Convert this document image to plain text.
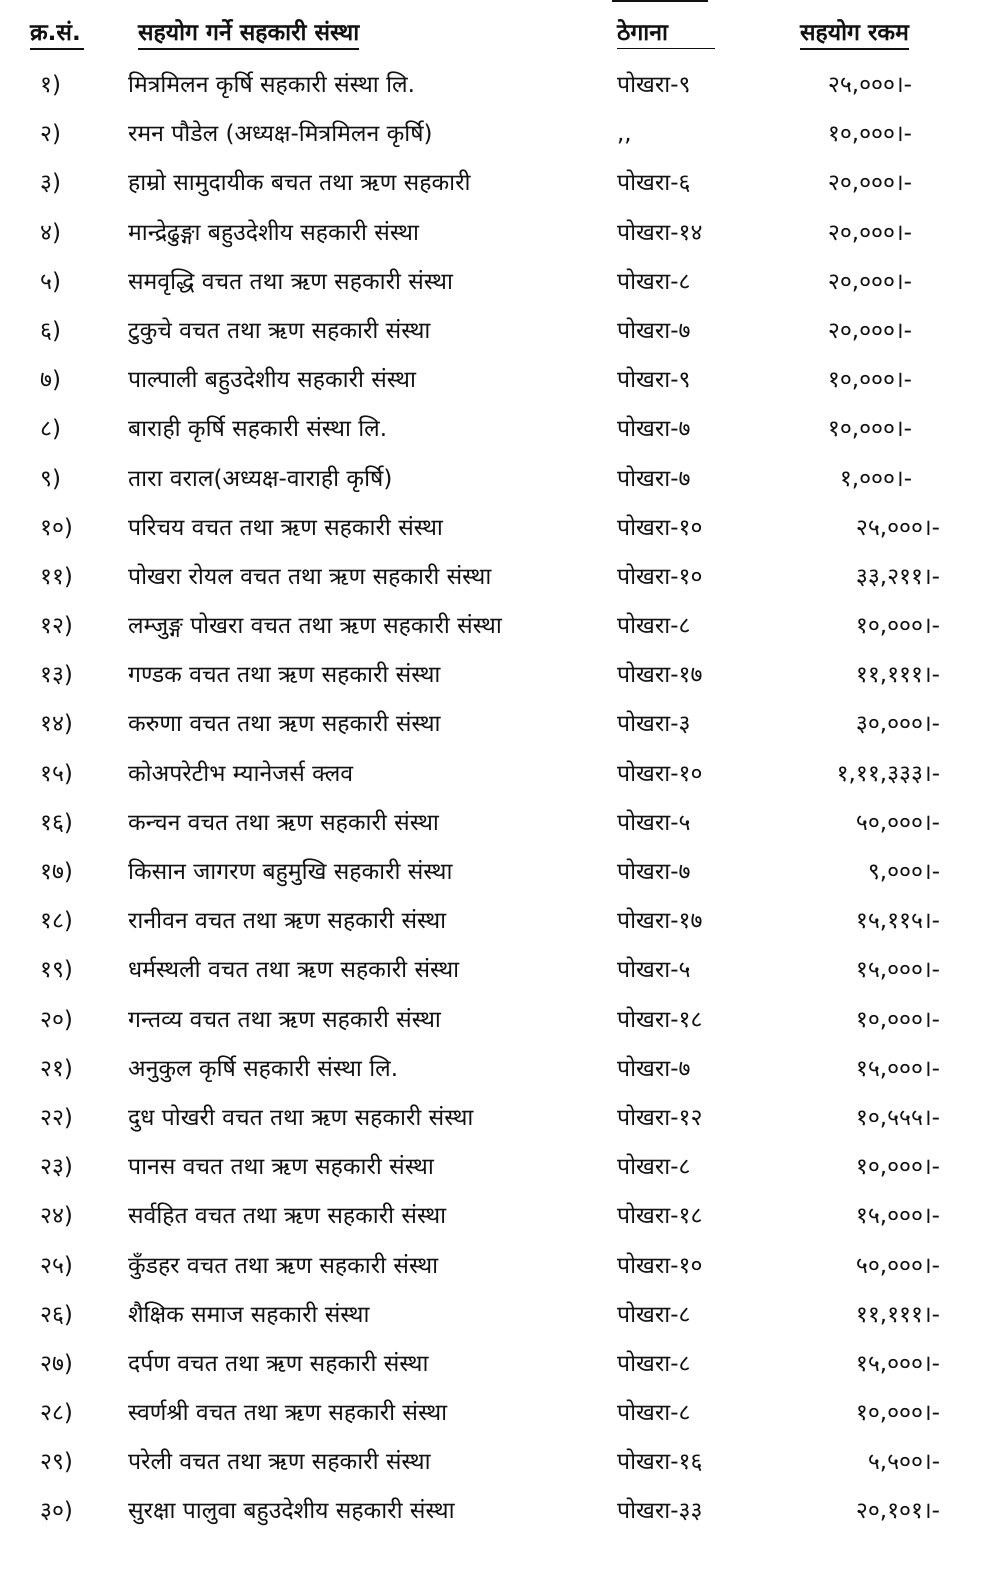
क्र.सं. सहयोग गर्ने सहकारी संस्था	ठेगाना	सहयोग रकम
१)	मित्रमिलन कृर्षि सहकारी संस्था लि.	पोखरा-९	२५,०००।-
२)	रमन पौडेल (अध्यक्ष-मित्रमिलन कृर्षि)	,,	१०,०००।-
३)	हाम्रो सामुदायीक बचत तथा ऋण सहकारी	पोखरा-६	२०,०००।-
४)	मान्द्रेढुङ्गा बहुउदेशीय सहकारी संस्था	पोखरा-१४	२०,०००।-
५)	समवृद्धि वचत तथा ऋण सहकारी संस्था	पोखरा-८	२०,०००।-
६)	टुकुचे वचत तथा ऋण सहकारी संस्था	पोखरा-७	२०,०००।-
७)	पाल्पाली बहुउदेशीय सहकारी संस्था	पोखरा-९	१०,०००।-
८)	बाराही कृर्षि सहकारी संस्था लि.	पोखरा-७	१०,०००।-
९)	तारा वराल(अध्यक्ष-वाराही कृर्षि)	पोखरा-७	१,०००।-
१०) परिचय वचत तथा ऋण सहकारी संस्था	पोखरा-१०	२५,०००।-
११) पोखरा रोयल वचत तथा ऋण सहकारी संस्था	पोखरा-१०	३३,२११।-
१२) लम्जुङ्ग पोखरा वचत तथा ऋण सहकारी संस्था	पोखरा-८	१०,०००।-
१३) गण्डक वचत तथा ऋण सहकारी संस्था	पोखरा-१७	११,१११।-
१४) करुणा वचत तथा ऋण सहकारी संस्था	पोखरा-३	३०,०००।-
१५) कोअपरेटीभ म्यानेजर्स क्लव	पोखरा-१०	१,११,३३३।-
१६) कन्चन वचत तथा ऋण सहकारी संस्था	पोखरा-५	५०,०००।-
१७) किसान जागरण बहुमुखि सहकारी संस्था	पोखरा-७	९,०००।-
१८) रानीवन वचत तथा ऋण सहकारी संस्था	पोखरा-१७	१५,११५।-
१९) धर्मस्थली वचत तथा ऋण सहकारी संस्था	पोखरा-५	१५,०००।-
२०) गन्तव्य वचत तथा ऋण सहकारी संस्था	पोखरा-१८	१०,०००।-
२१) अनुकुल कृर्षि सहकारी संस्था लि.	पोखरा-७	१५,०००।-
२२) दुध पोखरी वचत तथा ऋण सहकारी संस्था	पोखरा-१२	१०,५५५।-
२३) पानस वचत तथा ऋण सहकारी संस्था	पोखरा-८	१०,०००।-
२४) सर्वहित वचत तथा ऋण सहकारी संस्था	पोखरा-१८	१५,०००।-
२५) कुँडहर वचत तथा ऋण सहकारी संस्था	पोखरा-१०	५०,०००।-
२६) शैक्षिक समाज सहकारी संस्था	पोखरा-८	११,१११।-
२७) दर्पण वचत तथा ऋण सहकारी संस्था	पोखरा-८	१५,०००।-
२८) स्वर्णश्री वचत तथा ऋण सहकारी संस्था	पोखरा-८	१०,०००।-
२९) परेली वचत तथा ऋण सहकारी संस्था	पोखरा-१६	५,५००।-
३०) सुरक्षा पालुवा बहुउदेशीय सहकारी संस्था	पोखरा-३३	२०,१०१।-
